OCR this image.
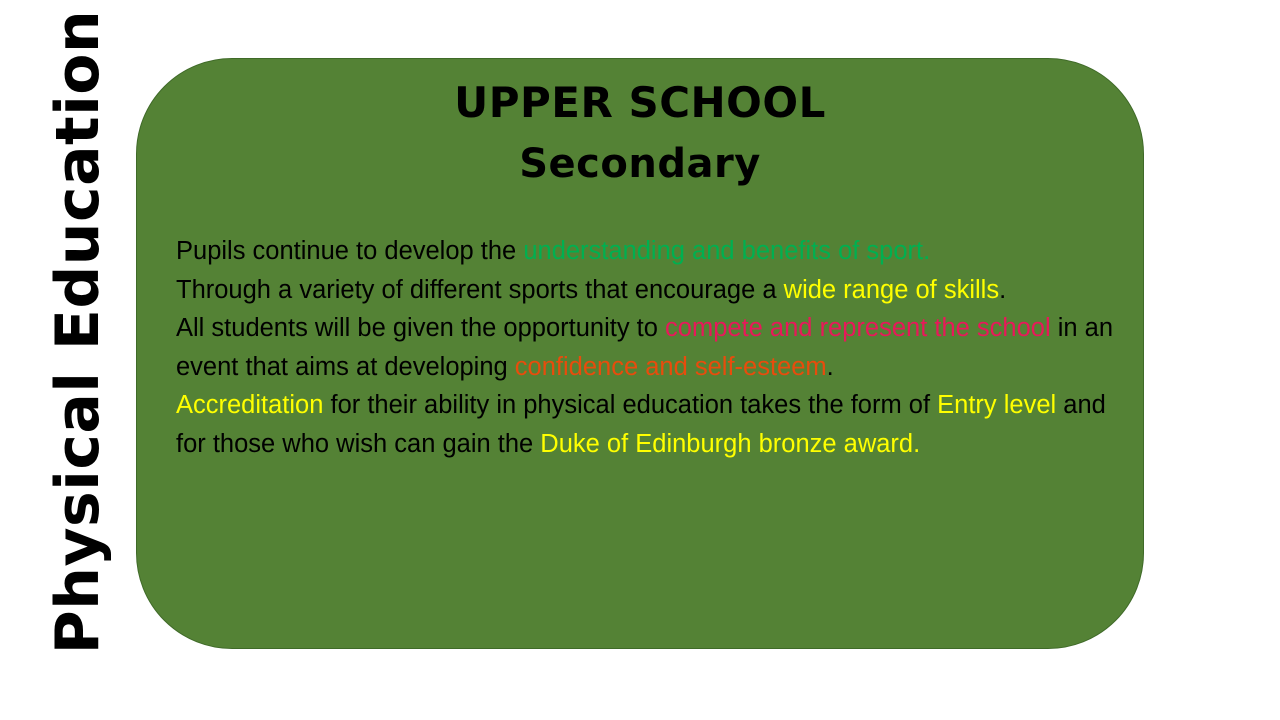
Physical Education	UPPER SCHOOL
Secondary

Pupils continue to develop the understanding and benefits of sport.

Through a variety of different sports that encourage a wide range of skills.

All students will be given the opportunity to compete and represent the school in an event that aims at developing confidence and self-esteem.

Accreditation for their ability in physical education takes the form of Entry level and for those who wish can gain the Duke of Edinburgh bronze award.
